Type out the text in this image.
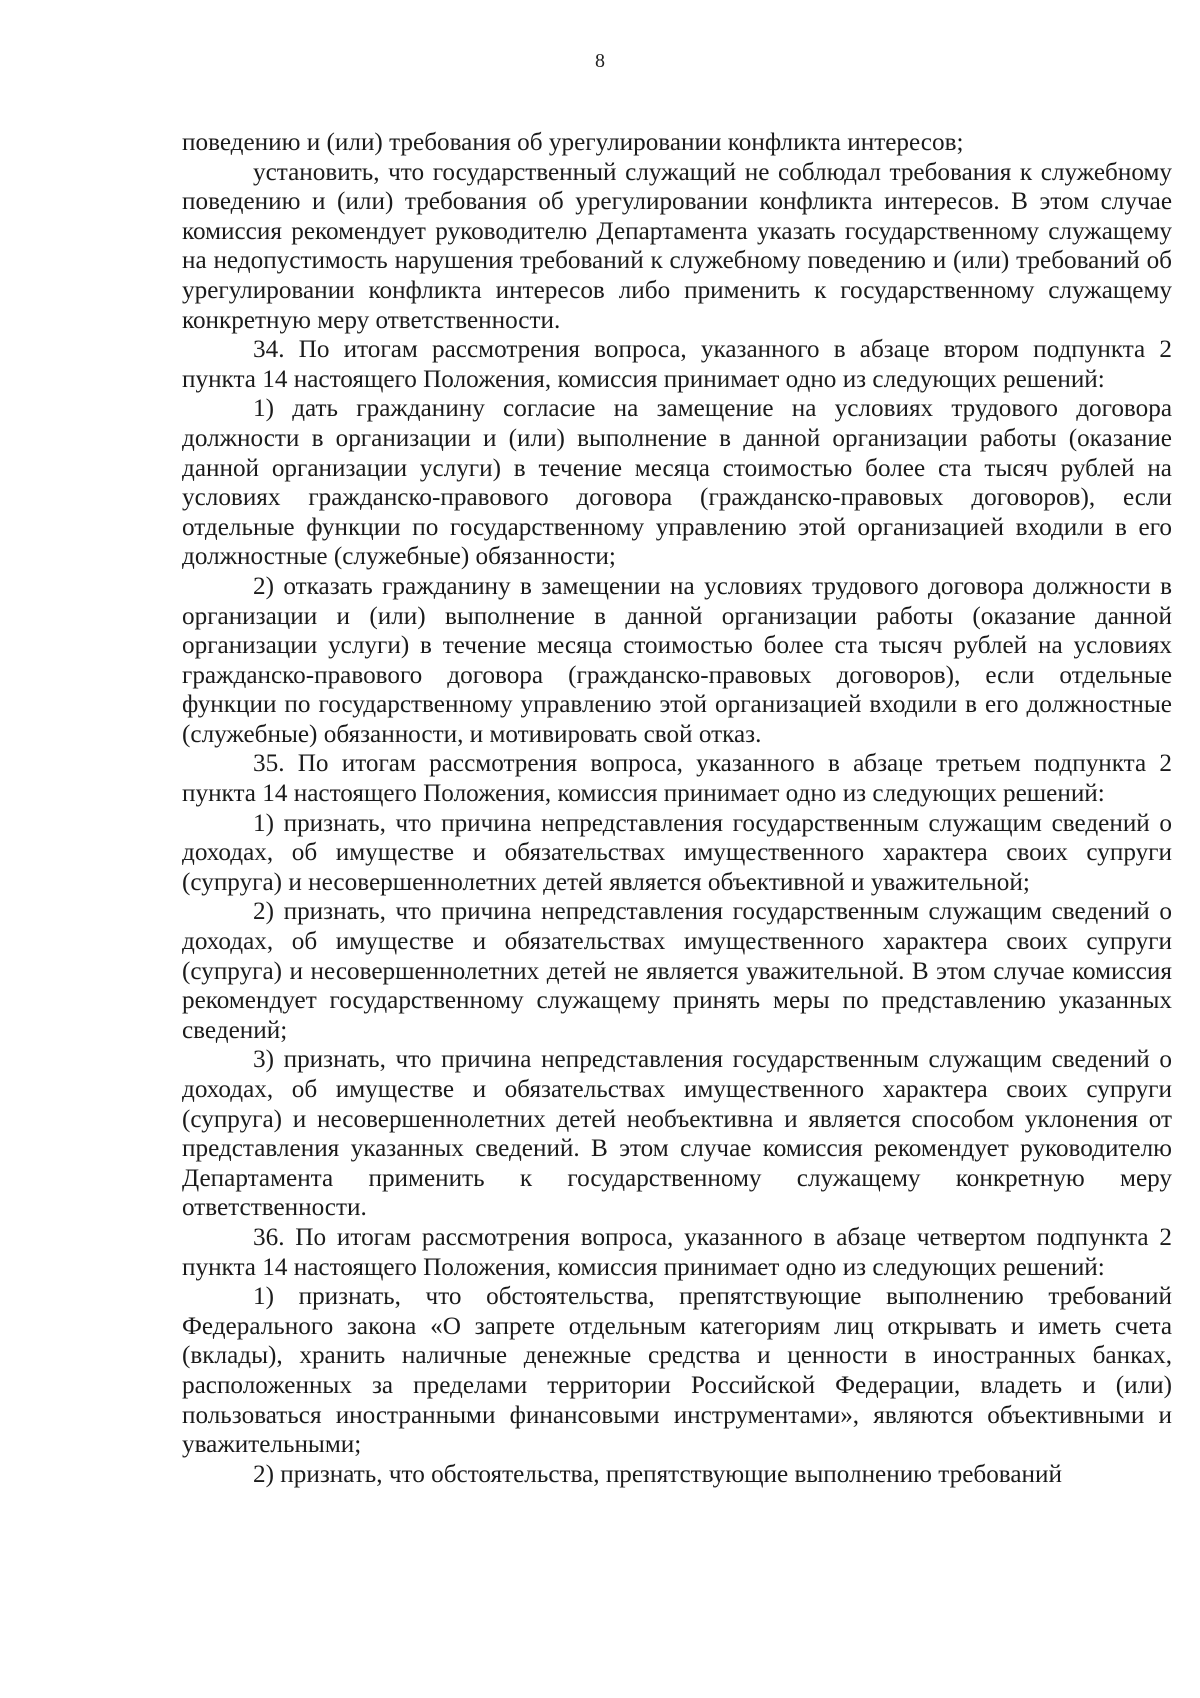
8

поведению и (или) требования об урегулировании конфликта интересов;

установить, что государственный служащий не соблюдал требования к служебному поведению и (или) требования об урегулировании конфликта интересов. В этом случае комиссия рекомендует руководителю Департамента указать государственному служащему на недопустимость нарушения требований к служебному поведению и (или) требований об урегулировании конфликта интересов либо применить к государственному служащему конкретную меру ответственности.

34. По итогам рассмотрения вопроса, указанного в абзаце втором подпункта 2 пункта 14 настоящего Положения, комиссия принимает одно из следующих решений:

1) дать гражданину согласие на замещение на условиях трудового договора должности в организации и (или) выполнение в данной организации работы (оказание данной организации услуги) в течение месяца стоимостью более ста тысяч рублей на условиях гражданско-правового договора (гражданско-правовых договоров), если отдельные функции по государственному управлению этой организацией входили в его должностные (служебные) обязанности;

2) отказать гражданину в замещении на условиях трудового договора должности в организации и (или) выполнение в данной организации работы (оказание данной организации услуги) в течение месяца стоимостью более ста тысяч рублей на условиях гражданско-правового договора (гражданско-правовых договоров), если отдельные функции по государственному управлению этой организацией входили в его должностные (служебные) обязанности, и мотивировать свой отказ.

35. По итогам рассмотрения вопроса, указанного в абзаце третьем подпункта 2 пункта 14 настоящего Положения, комиссия принимает одно из следующих решений:

1) признать, что причина непредставления государственным служащим сведений о доходах, об имуществе и обязательствах имущественного характера своих супруги (супруга) и несовершеннолетних детей является объективной и уважительной;

2) признать, что причина непредставления государственным служащим сведений о доходах, об имуществе и обязательствах имущественного характера своих супруги (супруга) и несовершеннолетних детей не является уважительной. В этом случае комиссия рекомендует государственному служащему принять меры по представлению указанных сведений;

3) признать, что причина непредставления государственным служащим сведений о доходах, об имуществе и обязательствах имущественного характера своих супруги (супруга) и несовершеннолетних детей необъективна и является способом уклонения от представления указанных сведений. В этом случае комиссия рекомендует руководителю Департамента применить к государственному служащему конкретную меру ответственности.

36. По итогам рассмотрения вопроса, указанного в абзаце четвертом подпункта 2 пункта 14 настоящего Положения, комиссия принимает одно из следующих решений:

1) признать, что обстоятельства, препятствующие выполнению требований Федерального закона «О запрете отдельным категориям лиц открывать и иметь счета (вклады), хранить наличные денежные средства и ценности в иностранных банках, расположенных за пределами территории Российской Федерации, владеть и (или) пользоваться иностранными финансовыми инструментами», являются объективными и уважительными;

2) признать, что обстоятельства, препятствующие выполнению требований
